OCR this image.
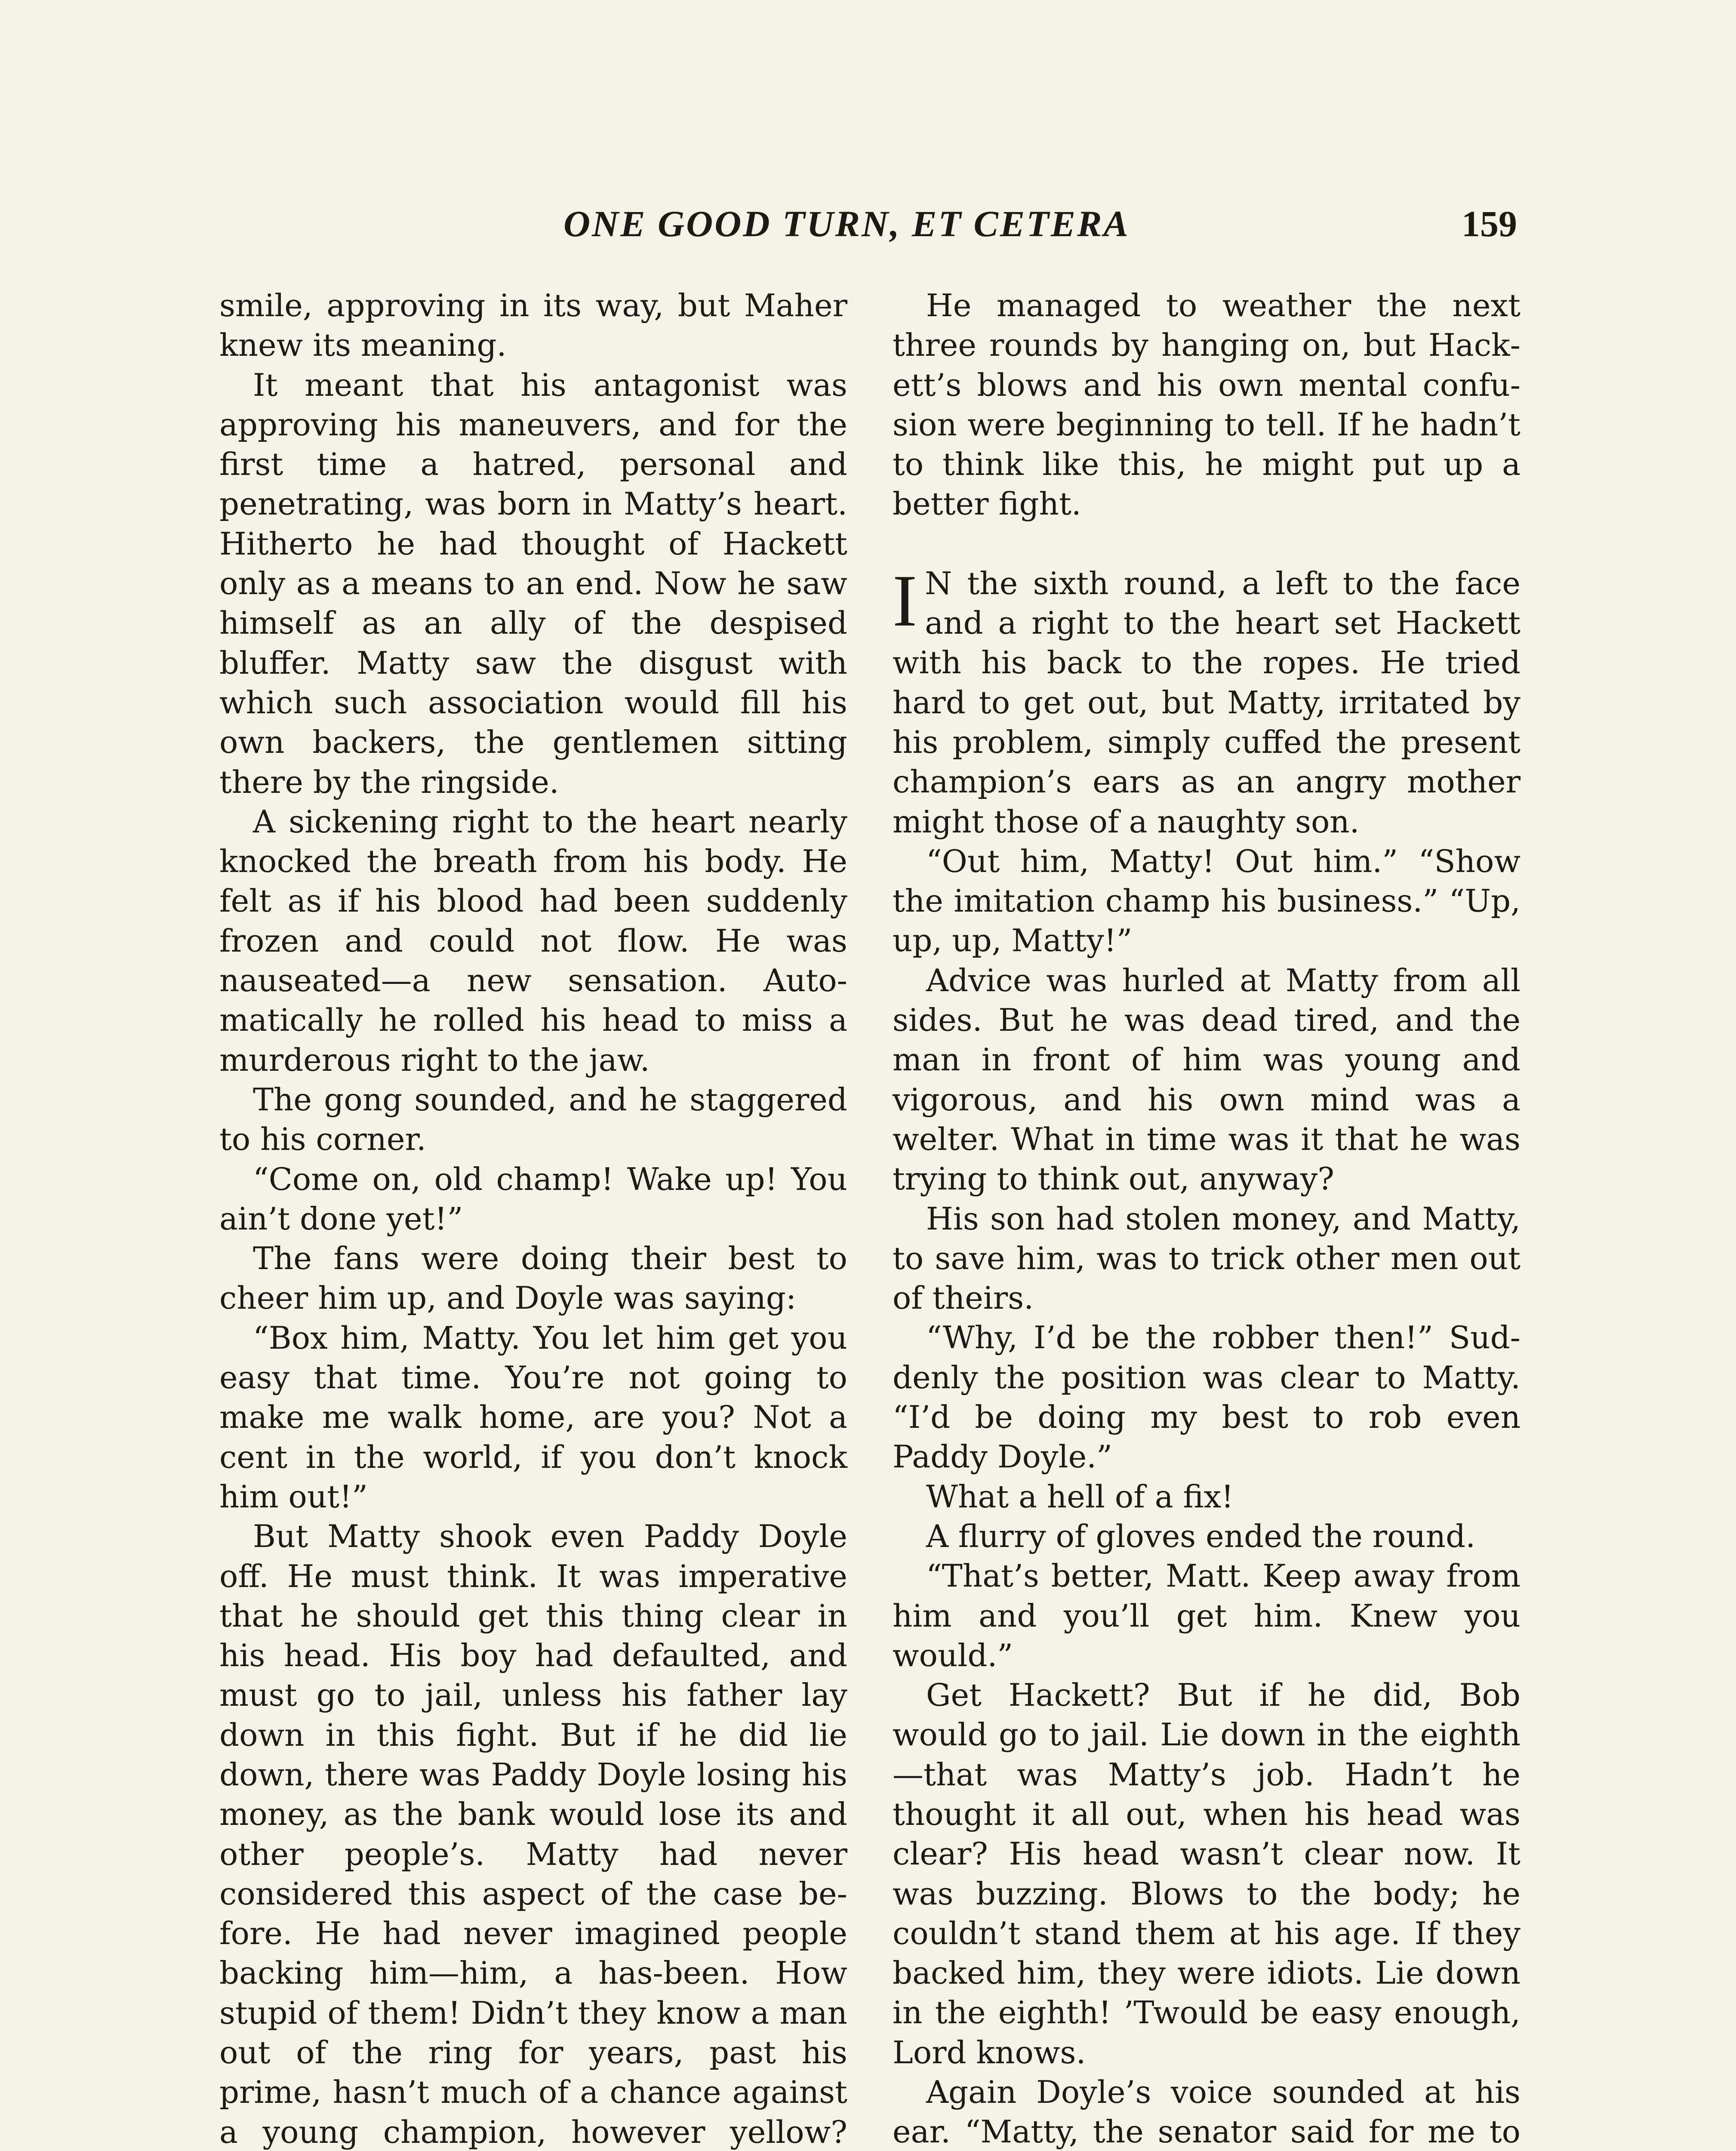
ONE GOOD TURN, ET CETERA	159

smile, approving in its way, but Maher knew its meaning.

It meant that his antagonist was approving his maneuvers, and for the first time a hatred, personal and penetrating, was born in Matty’s heart. Hitherto he had thought of Hackett only as a means to an end. Now he saw himself as an ally of the despised bluffer. Matty saw the disgust with which such association would fill his own backers, the gentlemen sitting there by the ringside.

A sickening right to the heart nearly knocked the breath from his body. He felt as if his blood had been suddenly frozen and could not flow. He was nauseated—a new sensation. Automatically he rolled his head to miss a murderous right to the jaw.

The gong sounded, and he staggered to his corner.

“Come on, old champ! Wake up! You ain’t done yet!”

The fans were doing their best to cheer him up, and Doyle was saying:

“Box him, Matty. You let him get you easy that time. You’re not going to make me walk home, are you? Not a cent in the world, if you don’t knock him out!”

But Matty shook even Paddy Doyle off. He must think. It was imperative that he should get this thing clear in his head. His boy had defaulted, and must go to jail, unless his father lay down in this fight. But if he did lie down, there was Paddy Doyle losing his money, as the bank would lose its and other people’s. Matty had never considered this aspect of the case before. He had never imagined people backing him—him, a has-been. How stupid of them! Didn’t they know a man out of the ring for years, past his prime, hasn’t much of a chance against a young champion, however yellow?

He managed to weather the next three rounds by hanging on, but Hackett’s blows and his own mental confusion were beginning to tell. If he hadn’t to think like this, he might put up a better fight.

I N the sixth round, a left to the face and a right to the heart set Hackett with his back to the ropes. He tried hard to get out, but Matty, irritated by his problem, simply cuffed the present champion’s ears as an angry mother might those of a naughty son.

“Out him, Matty! Out him.” “Show the imitation champ his business.” “Up, up, up, Matty!”

Advice was hurled at Matty from all sides. But he was dead tired, and the man in front of him was young and vigorous, and his own mind was a welter. What in time was it that he was trying to think out, anyway?

His son had stolen money, and Matty, to save him, was to trick other men out of theirs.

“Why, I’d be the robber then!” Suddenly the position was clear to Matty. “I’d be doing my best to rob even Paddy Doyle.”

What a hell of a fix!

A flurry of gloves ended the round.

“That’s better, Matt. Keep away from him and you’ll get him. Knew you would.”

Get Hackett? But if he did, Bob would go to jail. Lie down in the eighth—that was Matty’s job. Hadn’t he thought it all out, when his head was clear? His head wasn’t clear now. It was buzzing. Blows to the body; he couldn’t stand them at his age. If they backed him, they were idiots. Lie down in the eighth! ’Twould be easy enough, Lord knows.

Again Doyle’s voice sounded at his ear. “Matty, the senator said for me to
